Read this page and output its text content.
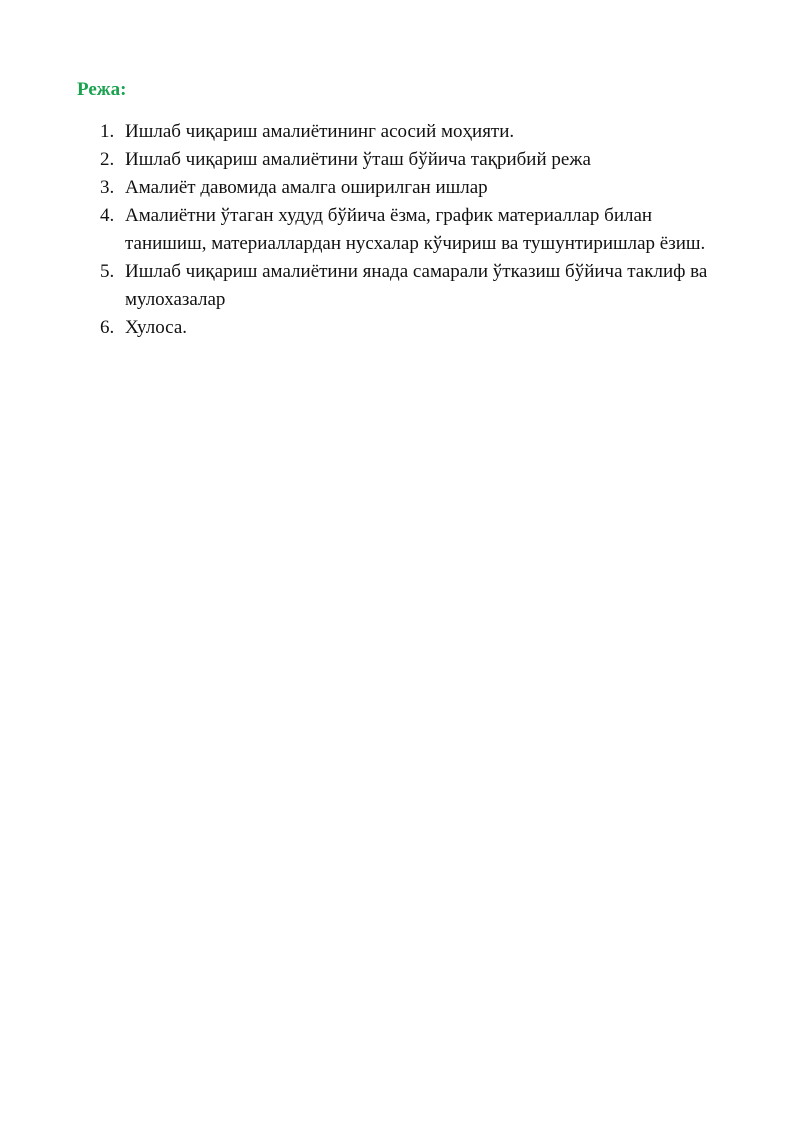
Режа:
1. Ишлаб чиқариш амалиётининг асосий моҳияти.
2. Ишлаб чиқариш амалиётини ўташ бўйича тақрибий режа
3. Амалиёт давомида амалга оширилган ишлар
4. Амалиётни ўтаган худуд бўйича ёзма, график материаллар билан танишиш, материаллардан нусхалар кўчириш ва тушунтиришлар ёзиш.
5. Ишлаб чиқариш амалиётини янада самарали ўтказиш бўйича таклиф ва мулохазалар
6. Хулоса.
